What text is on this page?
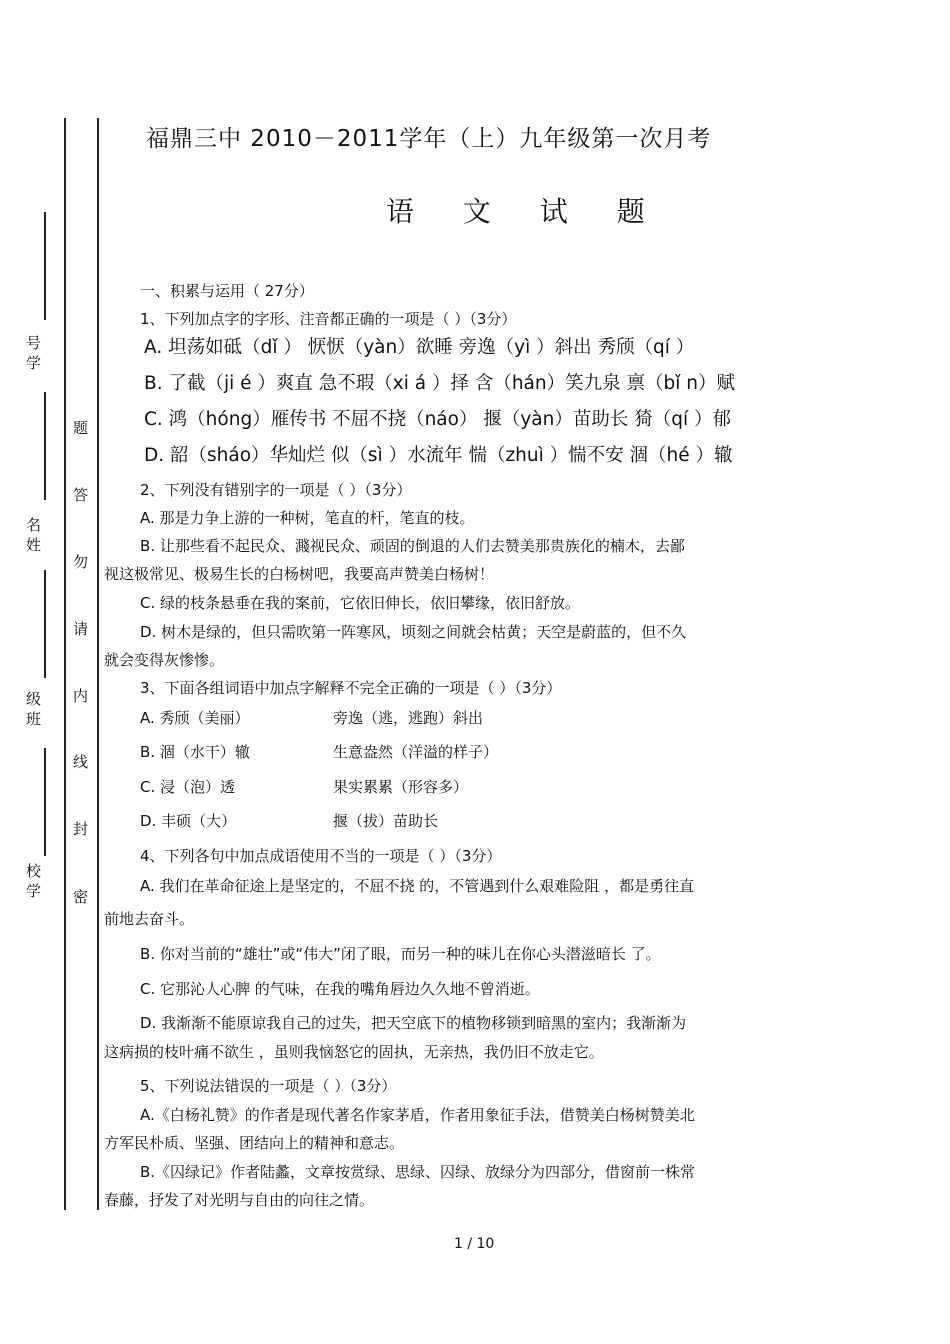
号
学
名
姓
级
班
校
学 密
封
线
内
请
勿
答
题
福鼎三中 2010－2011学年（上）九年级第一次月考
语 文 试 题
一、积累与运用（ 27分）
1、下列加点字的字形、注音都正确的一项是（ ）（3分）
A. 坦荡如砥（dǐ ） 恹恹（yàn）欲睡 旁逸（yì ）斜出 秀颀（qí ）
B. 了截（ji é ）爽直 急不瑕（xi á ）择 含（hán）笑九泉 禀（bǐ n）赋
C. 鸿（hóng）雁传书 不屈不挠（náo） 揠（yàn）苗助长 猗（qí ）郁
D. 韶（sháo）华灿烂 似（sì ）水流年 惴（zhuì ）惴不安 涸（hé ）辙
2、下列没有错别字的一项是（ ）（3分）
A. 那是力争上游的一种树，笔直的杆，笔直的枝。
B. 让那些看不起民众、濺视民众、顽固的倒退的人们去赞美那贵族化的楠木，去鄙
视这极常见、极易生长的白杨树吧，我要高声赞美白杨树！
C. 绿的枝条悬垂在我的案前，它依旧伸长，依旧攀缘，依旧舒放。
D. 树木是绿的，但只需吹第一阵寒风，顷刻之间就会枯黄；天空是蔚蓝的，但不久
就会变得灰惨惨。
3、下面各组词语中加点字解释不完全正确的一项是（ ）（3分）
A. 秀颀（美丽）	旁逸（逃，逃跑）斜出
B. 涸（水干）辙	生意盎然（洋溢的样子）
C. 浸（泡）透	果实累累（形容多）
D. 丰硕（大）	揠（拔）苗助长
4、下列各句中加点成语使用不当的一项是（ ）（3分）
A. 我们在革命征途上是坚定的，不屈不挠 的，不管遇到什么艰难险阻 ，都是勇往直
前地去奋斗。
B. 你对当前的“雄壮”或“伟大”闭了眼，而另一种的味儿在你心头潜滋暗长 了。
C. 它那沁人心脾 的气味，在我的嘴角唇边久久地不曾消逝。
D. 我渐渐不能原谅我自己的过失，把天空底下的植物移锁到暗黑的室内；我渐渐为
这病损的枝叶痛不欲生 ，虽则我恼怒它的固执，无亲热，我仍旧不放走它。
5、下列说法错误的一项是（ ）（3分）
A.《白杨礼赞》的作者是现代著名作家茅盾，作者用象征手法，借赞美白杨树赞美北
方军民朴质、坚强、团结向上的精神和意志。
B.《囚绿记》作者陆蠡，文章按赏绿、思绿、囚绿、放绿分为四部分，借窗前一株常
春藤，抒发了对光明与自由的向往之情。
1 / 10
